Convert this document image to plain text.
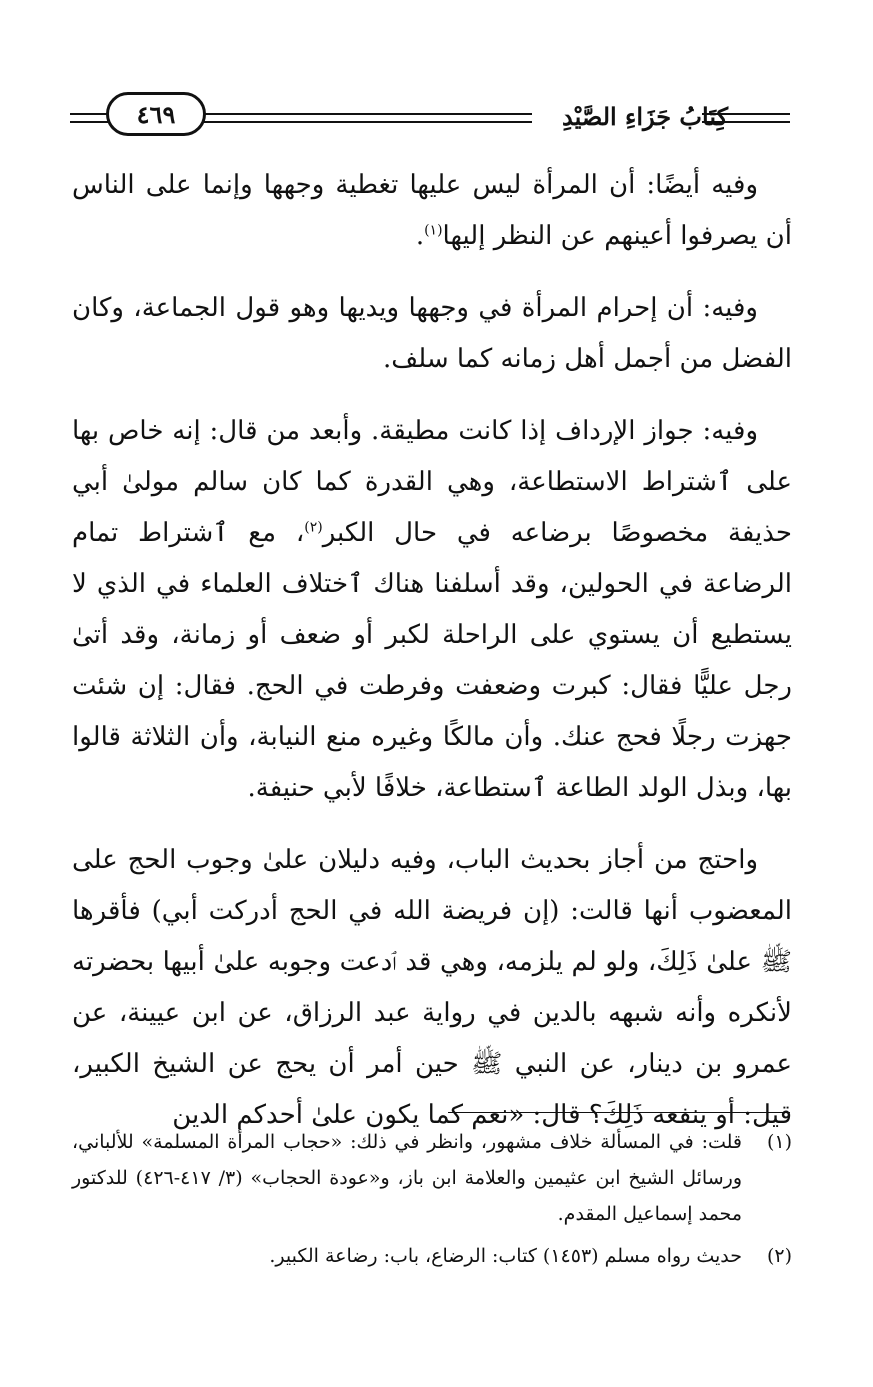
كِتَابُ جَزَاءِ الصَّيْدِ
٤٦٩

وفيه أيضًا: أن المرأة ليس عليها تغطية وجهها وإنما على الناس أن يصرفوا أعينهم عن النظر إليها$^{(١)}$.

وفيه: أن إحرام المرأة في وجهها ويديها وهو قول الجماعة، وكان الفضل من أجمل أهل زمانه كما سلف.

وفيه: جواز الإرداف إذا كانت مطيقة. وأبعد من قال: إنه خاص بها على ٱشتراط الاستطاعة، وهي القدرة كما كان سالم مولىٰ أبي حذيفة مخصوصًا برضاعه في حال الكبر$^{(٢)}$، مع ٱشتراط تمام الرضاعة في الحولين، وقد أسلفنا هناك ٱختلاف العلماء في الذي لا يستطيع أن يستوي على الراحلة لكبر أو ضعف أو زمانة، وقد أتىٰ رجل عليًّا فقال: كبرت وضعفت وفرطت في الحج. فقال: إن شئت جهزت رجلًا فحج عنك. وأن مالكًا وغيره منع النيابة، وأن الثلاثة قالوا بها، وبذل الولد الطاعة ٱستطاعة، خلافًا لأبي حنيفة.

واحتج من أجاز بحديث الباب، وفيه دليلان علىٰ وجوب الحج على المعضوب أنها قالت: (إن فريضة الله في الحج أدركت أبي) فأقرها ﷺ علىٰ ذَلِكَ، ولو لم يلزمه، وهي قد ٱدعت وجوبه علىٰ أبيها بحضرته لأنكره وأنه شبهه بالدين في رواية عبد الرزاق، عن ابن عيينة، عن عمرو بن دينار، عن النبي ﷺ حين أمر أن يحج عن الشيخ الكبير، قيل: أو ينفعه ذَلِكَ؟ قال: «نعم كما يكون علىٰ أحدكم الدين

(١)
قلت: في المسألة خلاف مشهور، وانظر في ذلك: «حجاب المرأة المسلمة» للألباني، ورسائل الشيخ ابن عثيمين والعلامة ابن باز، و«عودة الحجاب» (٣/ ٤١٧-٤٢٦) للدكتور محمد إسماعيل المقدم.
(٢)
حديث رواه مسلم (١٤٥٣) كتاب: الرضاع، باب: رضاعة الكبير.
